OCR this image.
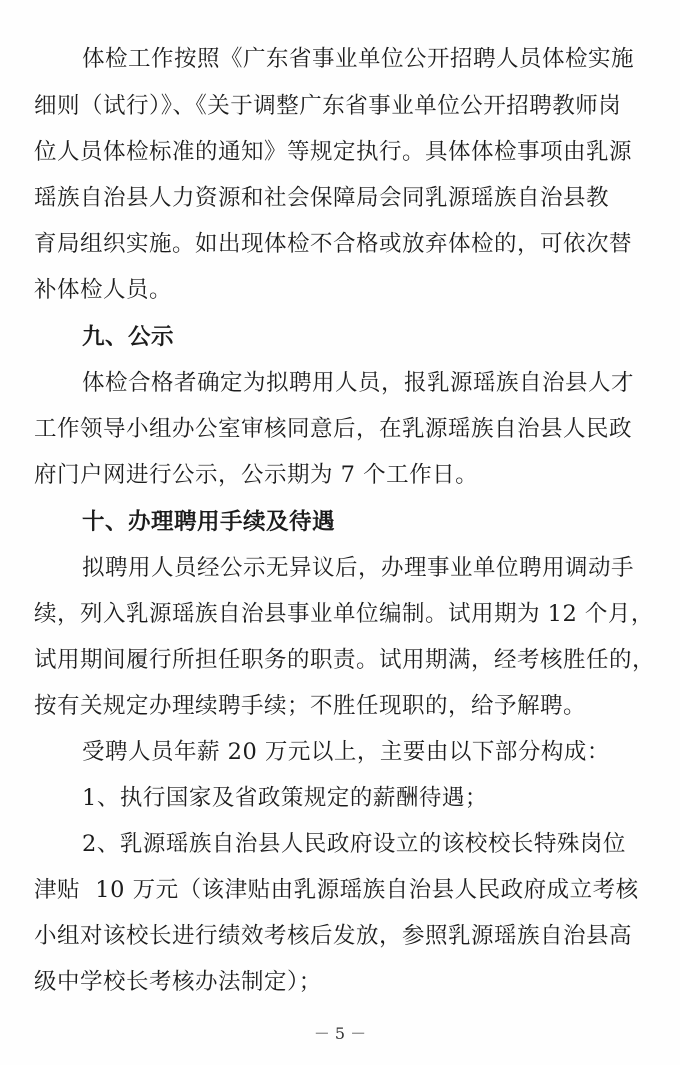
体检工作按照《广东省事业单位公开招聘人员体检实施
细则（试行）》、《关于调整广东省事业单位公开招聘教师岗
位人员体检标准的通知》等规定执行。具体体检事项由乳源
瑶族自治县人力资源和社会保障局会同乳源瑶族自治县教
育局组织实施。如出现体检不合格或放弃体检的，可依次替
补体检人员。
九、公示
体检合格者确定为拟聘用人员，报乳源瑶族自治县人才
工作领导小组办公室审核同意后，在乳源瑶族自治县人民政
府门户网进行公示，公示期为 7 个工作日。
十、办理聘用手续及待遇
拟聘用人员经公示无异议后，办理事业单位聘用调动手
续，列入乳源瑶族自治县事业单位编制。试用期为 12 个月，
试用期间履行所担任职务的职责。试用期满，经考核胜任的，
按有关规定办理续聘手续；不胜任现职的，给予解聘。
受聘人员年薪 20 万元以上，主要由以下部分构成：
1、执行国家及省政策规定的薪酬待遇；
2、乳源瑶族自治县人民政府设立的该校校长特殊岗位
津贴  10 万元（该津贴由乳源瑶族自治县人民政府成立考核
小组对该校长进行绩效考核后发放，参照乳源瑶族自治县高
级中学校长考核办法制定）；
－ 5 －
